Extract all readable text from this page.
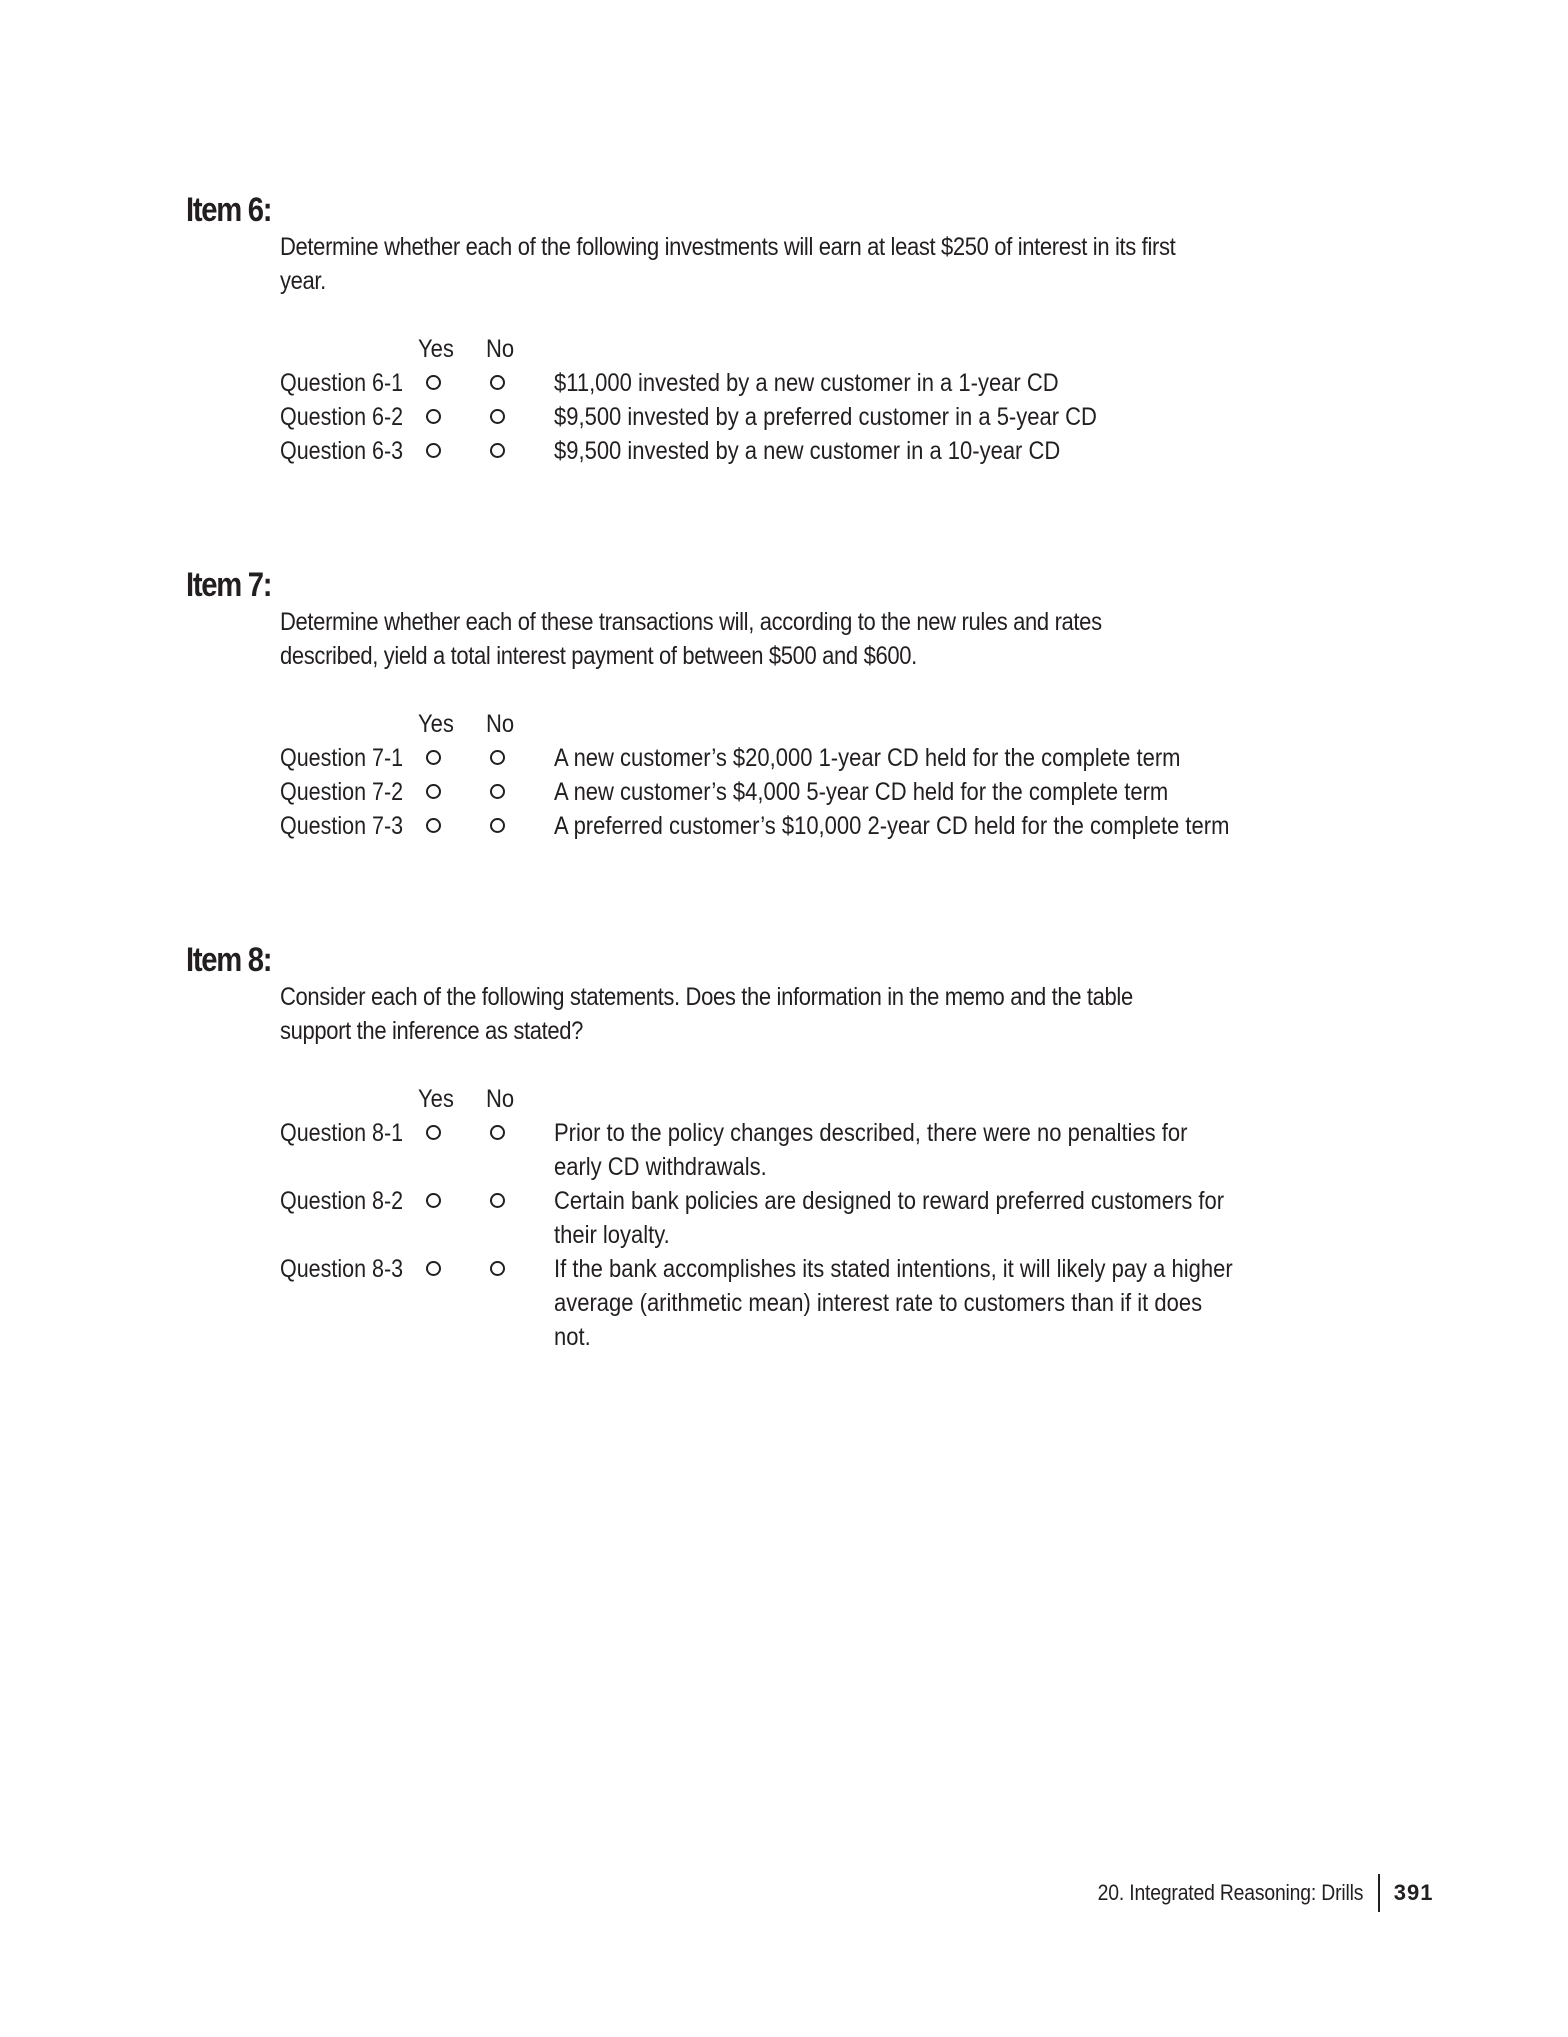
Item 6:

Determine whether each of the following investments will earn at least $250 of interest in its first year.

Yes No
Question 6-1	$11,000 invested by a new customer in a 1-year CD
Question 6-2	$9,500 invested by a preferred customer in a 5-year CD
Question 6-3	$9,500 invested by a new customer in a 10-year CD
Item 7:

Determine whether each of these transactions will, according to the new rules and rates described, yield a total interest payment of between $500 and $600.

Yes No
Question 7-1	A new customer’s $20,000 1-year CD held for the complete term
Question 7-2	A new customer’s $4,000 5-year CD held for the complete term
Question 7-3	A preferred customer’s $10,000 2-year CD held for the complete term
Item 8:

Consider each of the following statements. Does the information in the memo and the table support the inference as stated?

Yes No
Question 8-1	Prior to the policy changes described, there were no penalties for early CD withdrawals.
Question 8-2	Certain bank policies are designed to reward preferred customers for their loyalty.
Question 8-3	If the bank accomplishes its stated intentions, it will likely pay a higher average (arithmetic mean) interest rate to customers than if it does not.
20. Integrated Reasoning: Drills	391
